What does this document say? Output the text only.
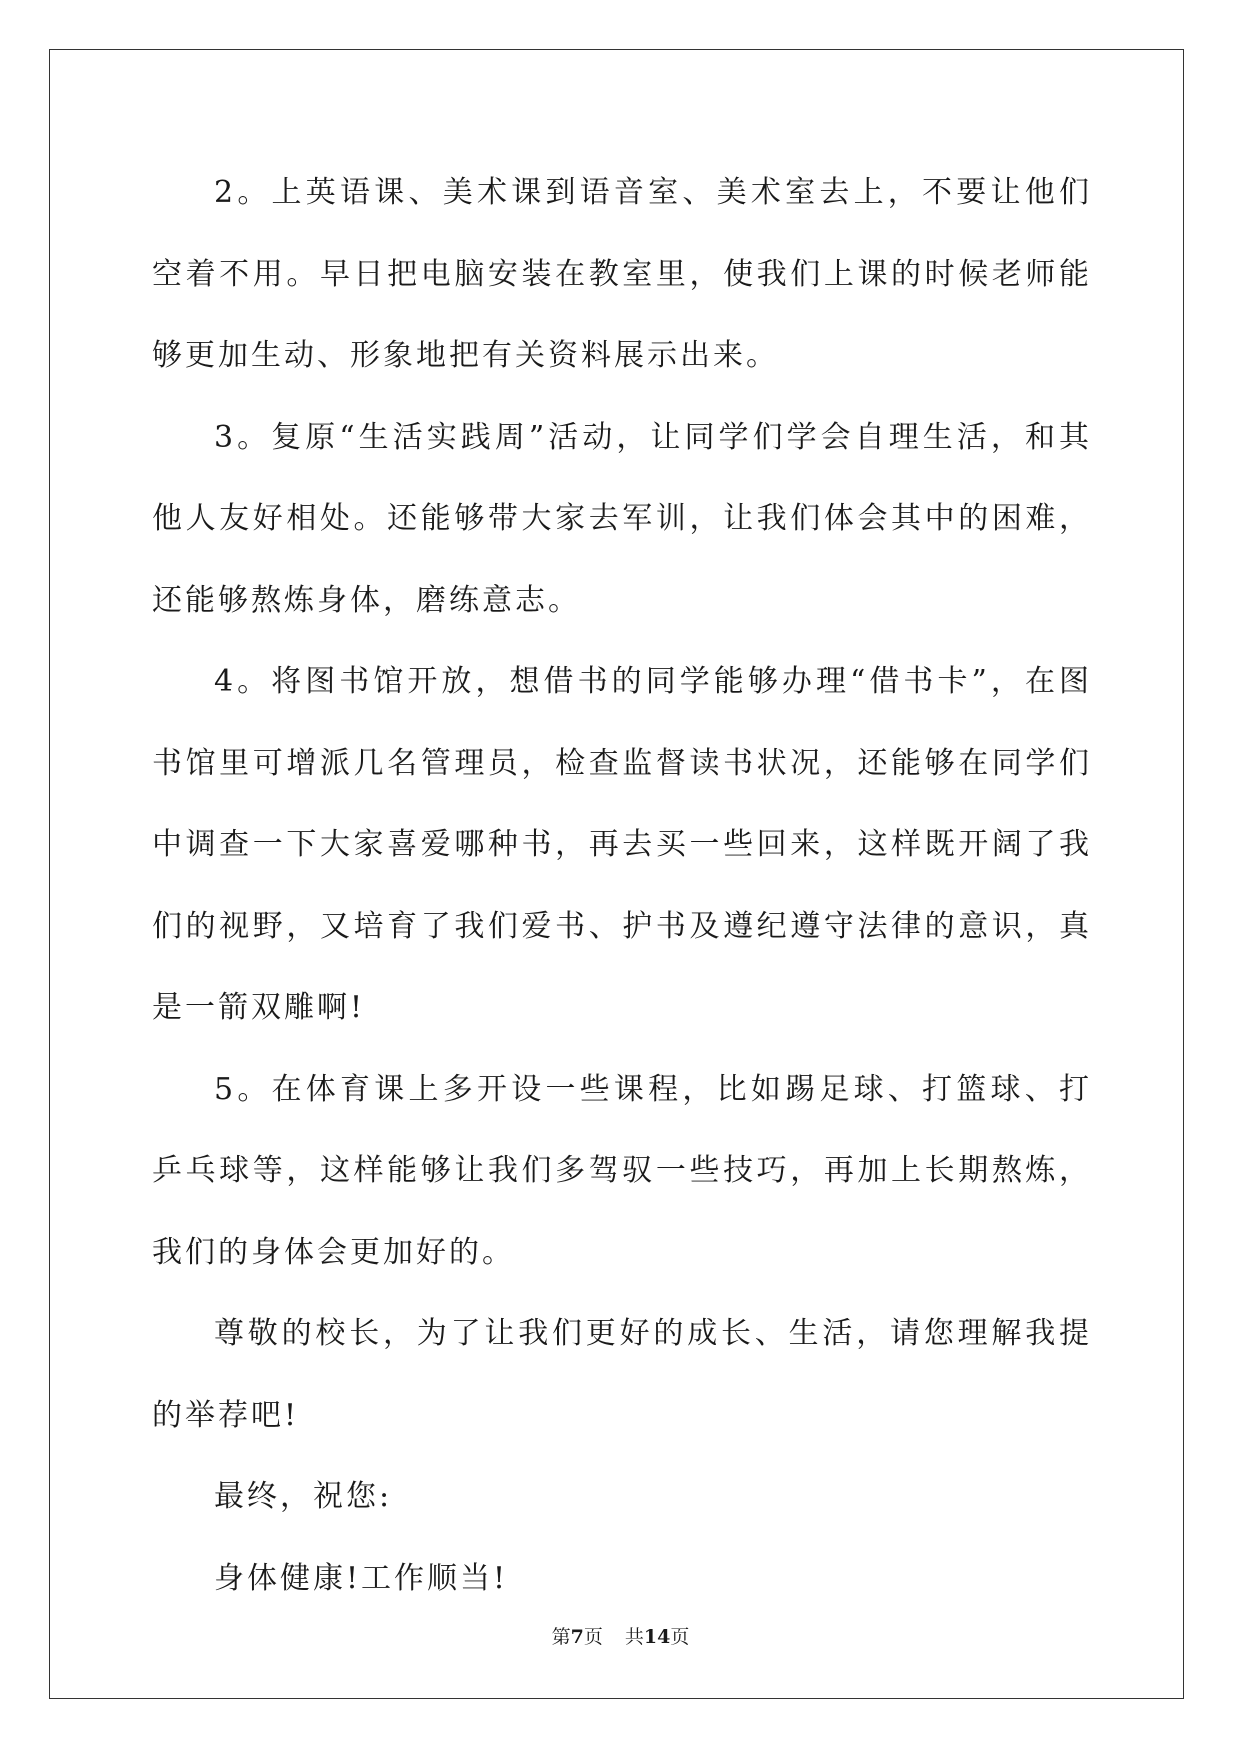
2。上英语课、美术课到语音室、美术室去上，不要让他们空着不用。早日把电脑安装在教室里，使我们上课的时候老师能够更加生动、形象地把有关资料展示出来。

3。复原“生活实践周”活动，让同学们学会自理生活，和其他人友好相处。还能够带大家去军训，让我们体会其中的困难，还能够熬炼身体，磨练意志。

4。将图书馆开放，想借书的同学能够办理“借书卡”，在图书馆里可增派几名管理员，检查监督读书状况，还能够在同学们中调查一下大家喜爱哪种书，再去买一些回来，这样既开阔了我们的视野，又培育了我们爱书、护书及遵纪遵守法律的意识，真是一箭双雕啊!

5。在体育课上多开设一些课程，比如踢足球、打篮球、打乒乓球等，这样能够让我们多驾驭一些技巧，再加上长期熬炼，我们的身体会更加好的。

尊敬的校长，为了让我们更好的成长、生活，请您理解我提的举荐吧!

最终，祝您:

身体健康!工作顺当!

第7页 共14页
